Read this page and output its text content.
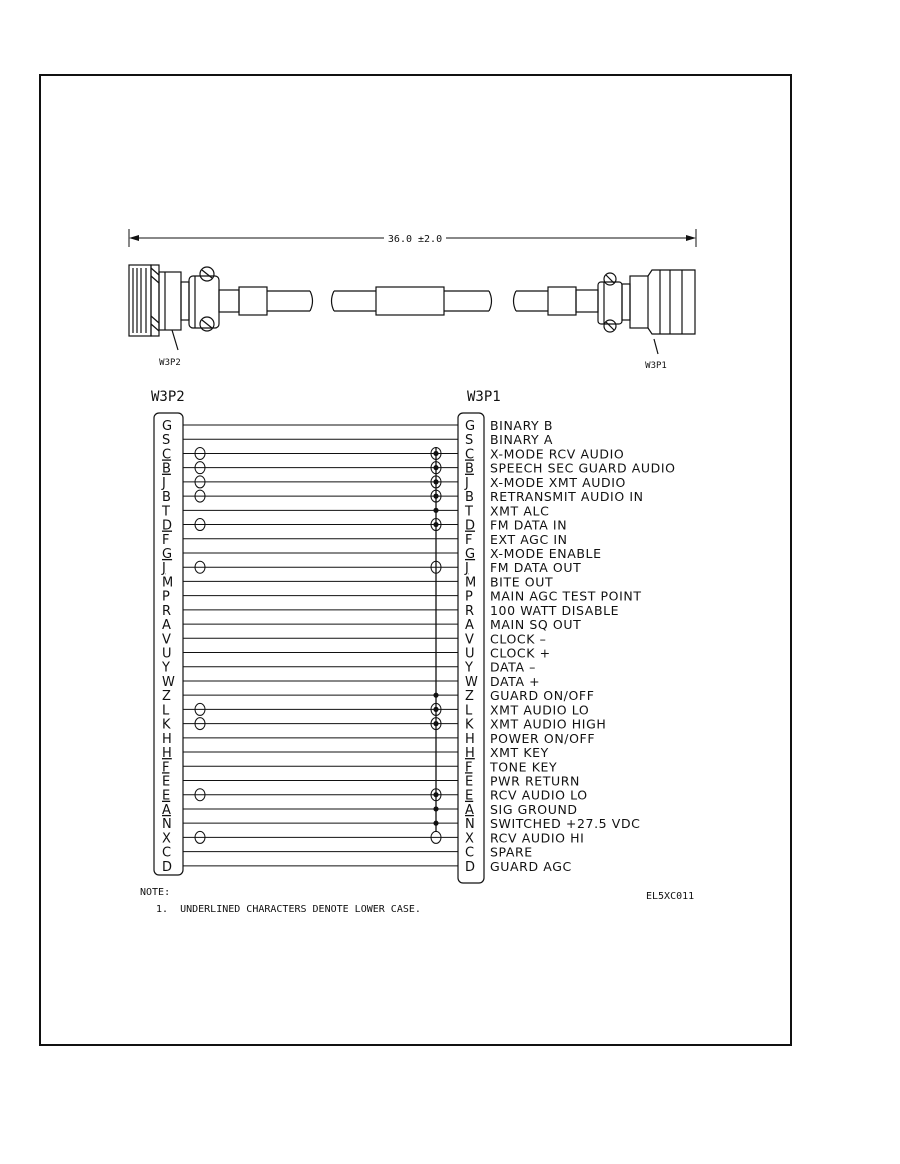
36.0 ±2.0
W3P2	W3P1
W3P2	W3P1
G	G BINARY B
S	S BINARY A
C	C X-MODE RCV AUDIO
B	B SPEECH SEC GUARD AUDIO
J	J X-MODE XMT AUDIO
B	B RETRANSMIT AUDIO IN
T	T XMT ALC
D	D FM DATA IN
F	F EXT AGC IN
G	G X-MODE ENABLE
J	J FM DATA OUT
M	M BITE OUT
P	P MAIN AGC TEST POINT
R	R 100 WATT DISABLE
A	A MAIN SQ OUT
V	V CLOCK –
U	U CLOCK +
Y	Y DATA –
W	W DATA +
Z	Z GUARD ON/OFF
L	L XMT AUDIO LO
K	K XMT AUDIO HIGH
H	H POWER ON/OFF
H	H XMT KEY
F	F TONE KEY
E	E PWR RETURN
E	E RCV AUDIO LO
A	A SIG GROUND
N	N SWITCHED +27.5 VDC
X	X RCV AUDIO HI
C	C SPARE
D	D GUARD AGC
NOTE:
1.  UNDERLINED CHARACTERS DENOTE LOWER CASE.
EL5XC011
